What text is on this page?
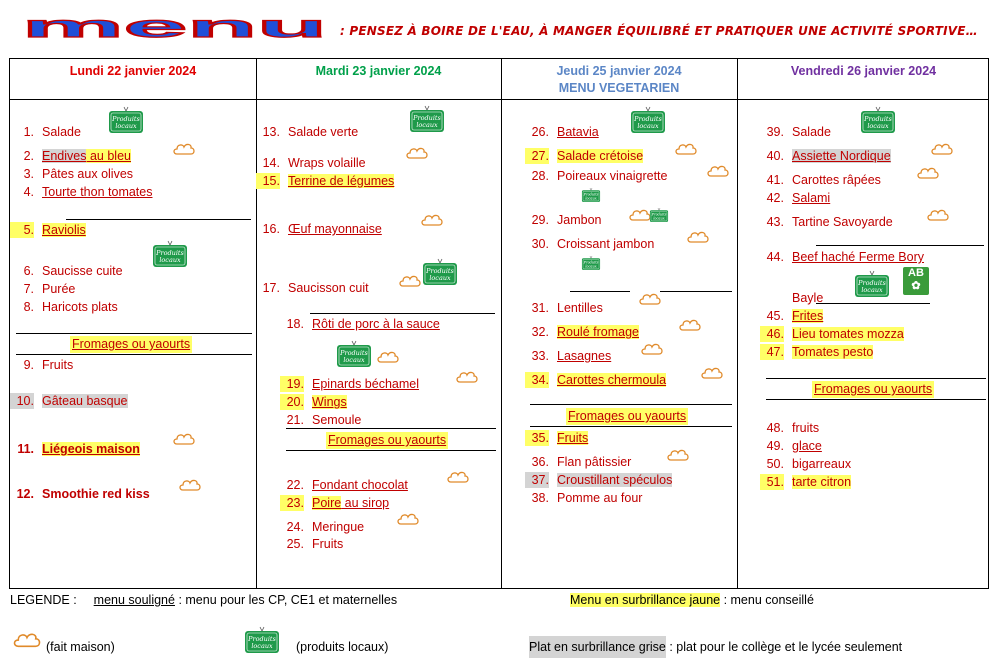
menu : PENSEZ À BOIRE DE L'EAU, À MANGER ÉQUILIBRÉ ET PRATIQUER UNE ACTIVITÉ SPORTIVE…
Lundi 22 janvier 2024	Mardi 23 janvier 2024	Jeudi 25 janvier 2024
MENU VEGETARIEN
Vendredi 26 janvier 2024
1. Salade
2. Endives au bleu
3. Pâtes aux olives
4. Tourte thon tomates
5. Raviolis
6. Saucisse cuite
7. Purée
8. Haricots plats
Fromages ou yaourts
9. Fruits
10. Gâteau basque
11. Liégeois maison
12. Smoothie red kiss
13. Salade verte
14. Wraps volaille
15. Terrine de légumes
16. Œuf mayonnaise
17. Saucisson cuit
18. Rôti de porc à la sauce
19. Epinards béchamel
20. Wings
21. Semoule
Fromages ou yaourts
22. Fondant chocolat
23. Poire au sirop
24. Meringue
25. Fruits
26. Batavia
27. Salade crétoise
28. Poireaux vinaigrette
29. Jambon
30. Croissant jambon
31. Lentilles
32. Roulé fromage
33. Lasagnes
34. Carottes chermoula
Fromages ou yaourts
35. Fruits
36. Flan pâtissier
37. Croustillant spéculos
38. Pomme au four
39. Salade
40. Assiette Nordique
41. Carottes râpées
42. Salami
43. Tartine Savoyarde
44. Beef haché Ferme Bory
AB
✿
Bayle
45. Frites
46. Lieu tomates mozza
47. Tomates pesto
Fromages ou yaourts
48. fruits
49. glace
50. bigarreaux
51. tarte citron
LEGENDE : menu souligné : menu pour les CP, CE1 et maternelles	Menu en surbrillance jaune : menu conseillé
(fait maison)	(produits locaux)	Plat en surbrillance grise : plat pour le collège et le lycée seulement
